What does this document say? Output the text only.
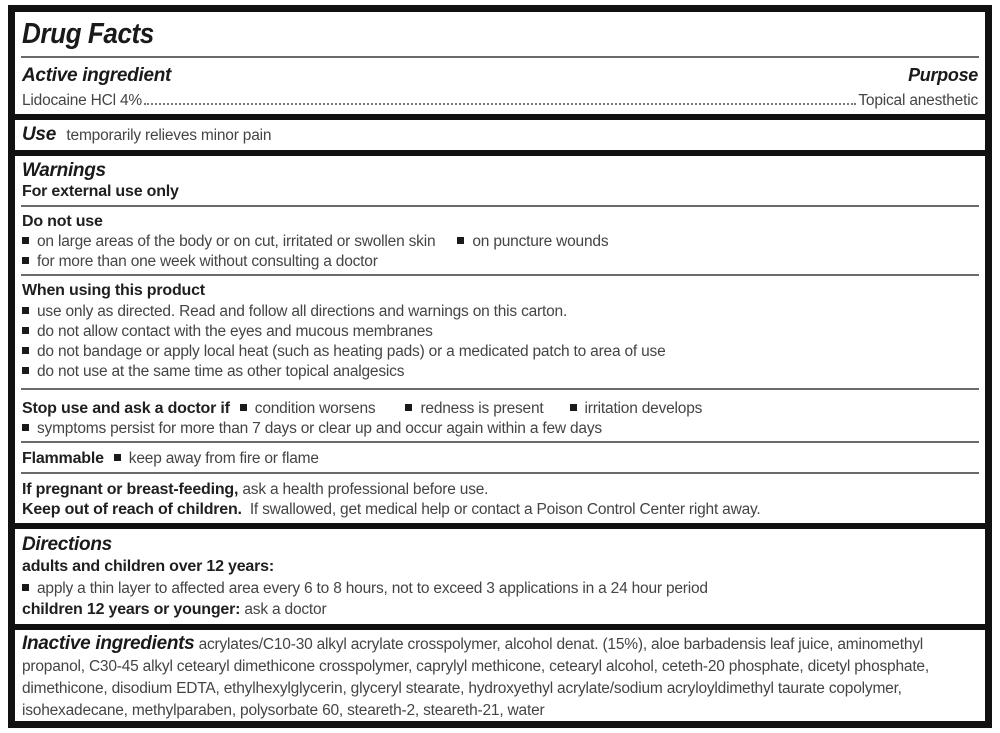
Drug Facts
Active ingredient	Purpose
Lidocaine HCl 4%	Topical anesthetic
Use temporarily relieves minor pain
Warnings
For external use only
Do not use
on large areas of the body or on cut, irritated or swollen skin on puncture wounds
for more than one week without consulting a doctor
When using this product
use only as directed. Read and follow all directions and warnings on this carton.
do not allow contact with the eyes and mucous membranes
do not bandage or apply local heat (such as heating pads) or a medicated patch to area of use
do not use at the same time as other topical analgesics
Stop use and ask a doctor if condition worsens	redness is present	irritation develops
symptoms persist for more than 7 days or clear up and occur again within a few days
Flammable keep away from fire or flame
If pregnant or breast-feeding, ask a health professional before use.
Keep out of reach of children. If swallowed, get medical help or contact a Poison Control Center right away.
Directions
adults and children over 12 years:
apply a thin layer to affected area every 6 to 8 hours, not to exceed 3 applications in a 24 hour period
children 12 years or younger: ask a doctor
Inactive ingredients acrylates/C10-30 alkyl acrylate crosspolymer, alcohol denat. (15%), aloe barbadensis leaf juice, aminomethyl propanol, C30-45 alkyl cetearyl dimethicone crosspolymer, caprylyl methicone, cetearyl alcohol, ceteth-20 phosphate, dicetyl phosphate, dimethicone, disodium EDTA, ethylhexylglycerin, glyceryl stearate, hydroxyethyl acrylate/sodium acryloyldimethyl taurate copolymer, isohexadecane, methylparaben, polysorbate 60, steareth-2, steareth-21, water
